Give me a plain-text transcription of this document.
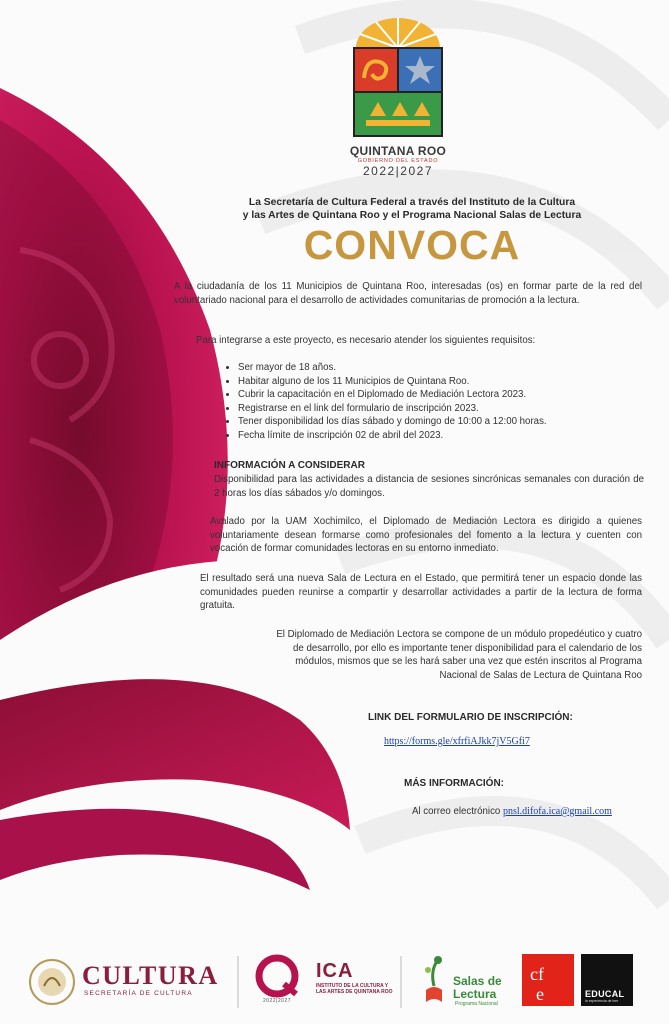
QUINTANA ROO
GOBIERNO DEL ESTADO
2022|2027
La Secretaría de Cultura Federal a través del Instituto de la Cultura
y las Artes de Quintana Roo y el Programa Nacional Salas de Lectura
CONVOCA
A la ciudadanía de los 11 Municipios de Quintana Roo, interesadas (os) en formar parte de la red del voluntariado nacional para el desarrollo de actividades comunitarias de promoción a la lectura.
Para integrarse a este proyecto, es necesario atender los siguientes requisitos:
• Ser mayor de 18 años.
• Habitar alguno de los 11 Municipios de Quintana Roo.
• Cubrir la capacitación en el Diplomado de Mediación Lectora 2023.
• Registrarse en el link del formulario de inscripción 2023.
• Tener disponibilidad los días sábado y domingo de 10:00 a 12:00 horas.
• Fecha límite de inscripción 02 de abril del 2023.
INFORMACIÓN A CONSIDERAR
Disponibilidad para las actividades a distancia de sesiones sincrónicas semanales con duración de 2 horas los días sábados y/o domingos.
Avalado por la UAM Xochimilco, el Diplomado de Mediación Lectora es dirigido a quienes voluntariamente desean formarse como profesionales del fomento a la lectura y cuenten con vocación de formar comunidades lectoras en su entorno inmediato.
El resultado será una nueva Sala de Lectura en el Estado, que permitirá tener un espacio donde las comunidades pueden reunirse a compartir y desarrollar actividades a partir de la lectura de forma gratuita.
El Diplomado de Mediación Lectora se compone de un módulo propedéutico y cuatro de desarrollo, por ello es importante tener disponibilidad para el calendario de los módulos, mismos que se les hará saber una vez que estén inscritos al Programa Nacional de Salas de Lectura de Quintana Roo
LINK DEL FORMULARIO DE INSCRIPCIÓN:
https://forms.gle/xfrfiAJkk7jV5Gfi7
MÁS INFORMACIÓN:
Al correo electrónico pnsl.difofa.ica@gmail.com
cf
e
CULTURA
SECRETARÍA DE CULTURA
2022|2027
ICA
INSTITUTO DE LA CULTURA Y LAS ARTES DE QUINTANA ROO
Salas de
Lectura
Programa Nacional
EDUCAL
la experiencia de leer
